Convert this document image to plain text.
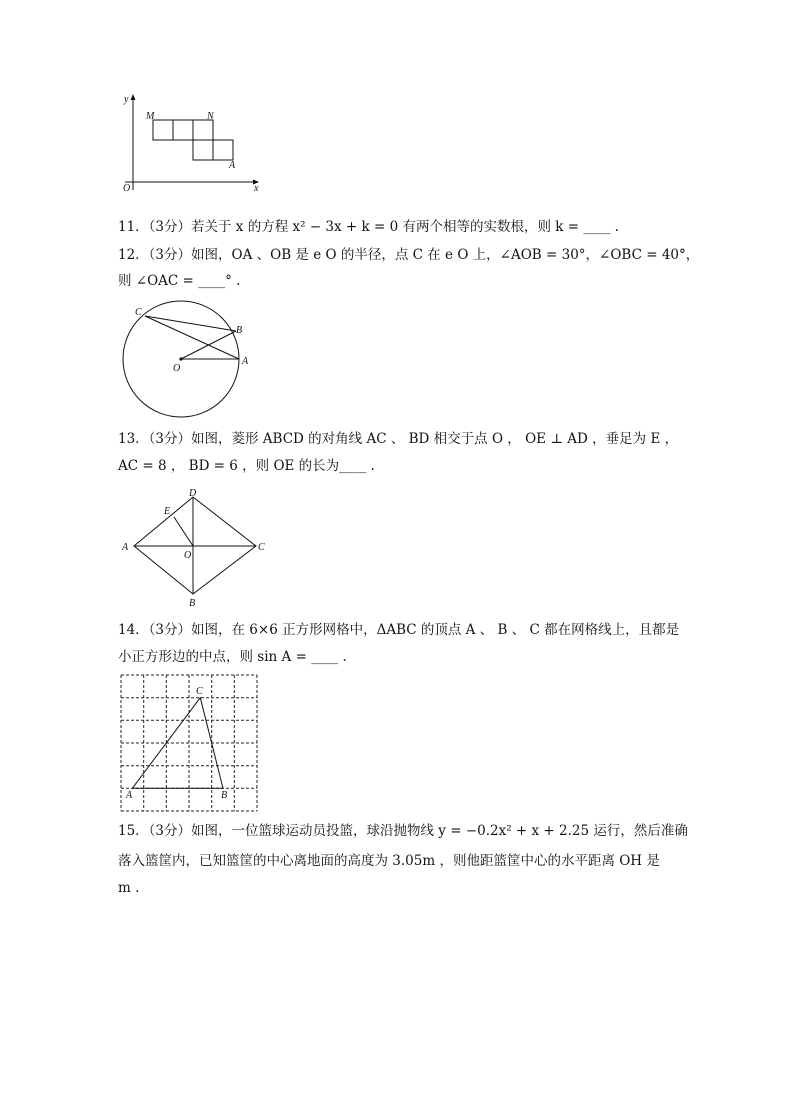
y
x
O
M	N
A
11．（3分）若关于 x 的方程 x² − 3x + k = 0 有两个相等的实数根，则 k = ____ .
12．（3分）如图，OA 、OB 是 e O 的半径，点 C 在 e O 上，∠AOB = 30°，∠OBC = 40°，
则 ∠OAC = ____° .
C
B
A
O
13．（3分）如图，菱形 ABCD 的对角线 AC 、 BD 相交于点 O ， OE ⊥ AD ，垂足为 E ，
AC = 8 ， BD = 6 ，则 OE 的长为____ .
D
E
A
O
C
B
14．（3分）如图，在 6×6 正方形网格中，ΔABC 的顶点 A 、 B 、 C 都在网格线上，且都是
小正方形边的中点，则 sin A = ____ .
C
A	B
15．（3分）如图，一位篮球运动员投篮，球沿抛物线 y = −0.2x² + x + 2.25 运行，然后准确
落入篮筐内，已知篮筐的中心离地面的高度为 3.05m ，则他距篮筐中心的水平距离 OH 是
m .
